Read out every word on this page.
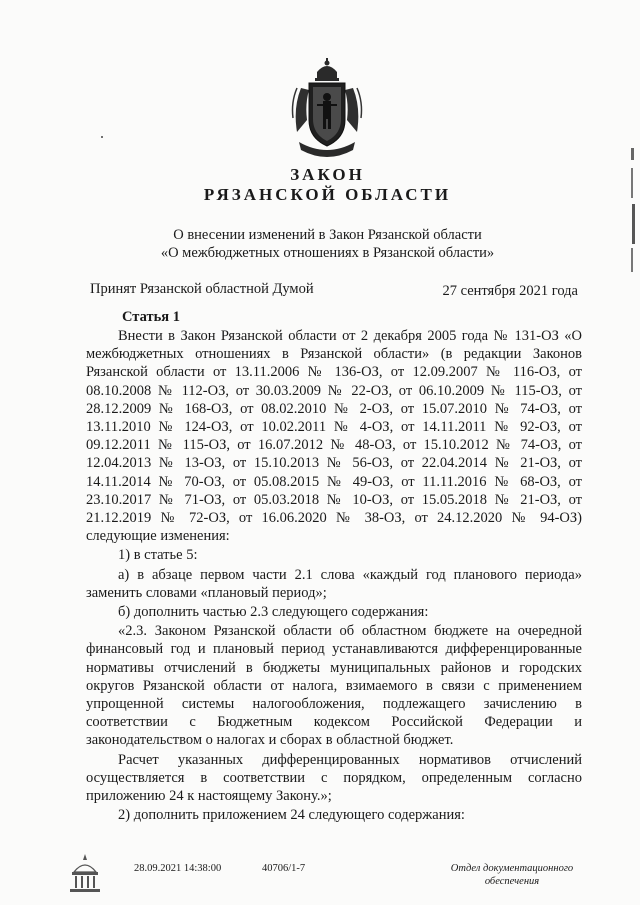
ЗАКОН
РЯЗАНСКОЙ ОБЛАСТИ
О внесении изменений в Закон Рязанской области
«О межбюджетных отношениях в Рязанской области»
Принят Рязанской областной Думой	27 сентября 2021 года
Статья 1

Внести в Закон Рязанской области от 2 декабря 2005 года № 131-ОЗ «О межбюджетных отношениях в Рязанской области» (в редакции Законов Рязанской области от 13.11.2006 № 136-ОЗ, от 12.09.2007 № 116-ОЗ, от 08.10.2008 № 112-ОЗ, от 30.03.2009 № 22-ОЗ, от 06.10.2009 № 115-ОЗ, от 28.12.2009 № 168-ОЗ, от 08.02.2010 № 2-ОЗ, от 15.07.2010 № 74-ОЗ, от 13.11.2010 № 124-ОЗ, от 10.02.2011 № 4-ОЗ, от 14.11.2011 № 92-ОЗ, от 09.12.2011 № 115-ОЗ, от 16.07.2012 № 48-ОЗ, от 15.10.2012 № 74-ОЗ, от 12.04.2013 № 13-ОЗ, от 15.10.2013 № 56-ОЗ, от 22.04.2014 № 21-ОЗ, от 14.11.2014 № 70-ОЗ, от 05.08.2015 № 49-ОЗ, от 11.11.2016 № 68-ОЗ, от 23.10.2017 № 71-ОЗ, от 05.03.2018 № 10-ОЗ, от 15.05.2018 № 21-ОЗ, от 21.12.2019 № 72-ОЗ, от 16.06.2020 № 38-ОЗ, от 24.12.2020 № 94-ОЗ) следующие изменения:

1) в статье 5:

а) в абзаце первом части 2.1 слова «каждый год планового периода» заменить словами «плановый период»;

б) дополнить частью 2.3 следующего содержания:

«2.3. Законом Рязанской области об областном бюджете на очередной финансовый год и плановый период устанавливаются дифференцированные нормативы отчислений в бюджеты муниципальных районов и городских округов Рязанской области от налога, взимаемого в связи с применением упрощенной системы налогообложения, подлежащего зачислению в соответствии с Бюджетным кодексом Российской Федерации и законодательством о налогах и сборах в областной бюджет.

Расчет указанных дифференцированных нормативов отчислений осуществляется в соответствии с порядком, определенным согласно приложению 24 к настоящему Закону.»;

2) дополнить приложением 24 следующего содержания:

28.09.2021 14:38:00	40706/1-7	Отдел документационного
обеспечения
